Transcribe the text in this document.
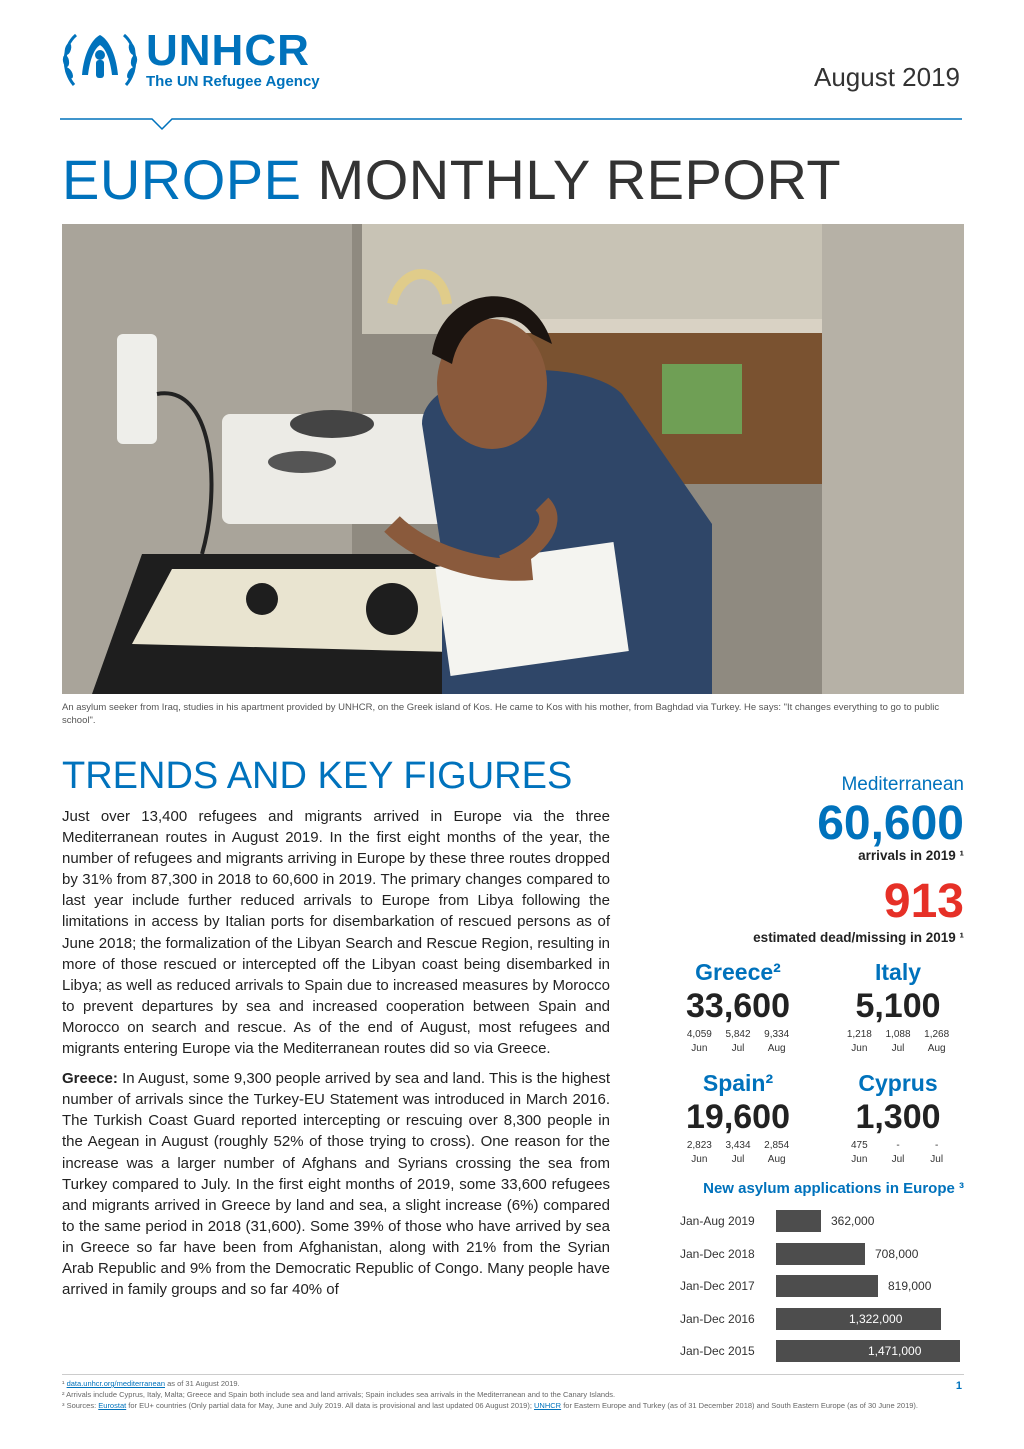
UNHCR
The UN Refugee Agency	August 2019
EUROPE MONTHLY REPORT
An asylum seeker from Iraq, studies in his apartment provided by UNHCR, on the Greek island of Kos. He came to Kos with his mother, from Baghdad via Turkey. He says: "It changes everything to go to public school".
TRENDS AND KEY FIGURES

Just over 13,400 refugees and migrants arrived in Europe via the three Mediterranean routes in August 2019. In the first eight months of the year, the number of refugees and migrants arriving in Europe by these three routes dropped by 31% from 87,300 in 2018 to 60,600 in 2019. The primary changes compared to last year include further reduced arrivals to Europe from Libya following the limitations in access by Italian ports for disembarkation of rescued persons as of June 2018; the formalization of the Libyan Search and Rescue Region, resulting in more of those rescued or intercepted off the Libyan coast being disembarked in Libya; as well as reduced arrivals to Spain due to increased measures by Morocco to prevent departures by sea and increased cooperation between Spain and Morocco on search and rescue. As of the end of August, most refugees and migrants entering Europe via the Mediterranean routes did so via Greece.

Greece: In August, some 9,300 people arrived by sea and land. This is the highest number of arrivals since the Turkey-EU Statement was introduced in March 2016. The Turkish Coast Guard reported intercepting or rescuing over 8,300 people in the Aegean in August (roughly 52% of those trying to cross). One reason for the increase was a larger number of Afghans and Syrians crossing the sea from Turkey compared to July. In the first eight months of 2019, some 33,600 refugees and migrants arrived in Greece by land and sea, a slight increase (6%) compared to the same period in 2018 (31,600). Some 39% of those who have arrived by sea in Greece so far have been from Afghanistan, along with 21% from the Syrian Arab Republic and 9% from the Democratic Republic of Congo. Many people have arrived in family groups and so far 40% of

Mediterranean
60,600
arrivals in 2019 ¹
913
estimated dead/missing in 2019 ¹
Greece²
33,600
4,059
Jun
5,842
Jul
9,334
Aug
Italy
5,100
1,218
Jun
1,088
Jul
1,268
Aug
Spain²
19,600
2,823
Jun
3,434
Jul
2,854
Aug
Cyprus
1,300
475
Jun
-
Jul
-
Jul
New asylum applications in Europe ³
Jan-Aug 2019	362,000
Jan-Dec 2018	708,000
Jan-Dec 2017	819,000
Jan-Dec 2016	1,322,000
Jan-Dec 2015	1,471,000
¹ data.unhcr.org/mediterranean as of 31 August 2019.
² Arrivals include Cyprus, Italy, Malta; Greece and Spain both include sea and land arrivals; Spain includes sea arrivals in the Mediterranean and to the Canary Islands.
³ Sources: Eurostat for EU+ countries (Only partial data for May, June and July 2019. All data is provisional and last updated 06 August 2019); UNHCR for Eastern Europe and Turkey (as of 31 December 2018) and South Eastern Europe (as of 30 June 2019).
1
